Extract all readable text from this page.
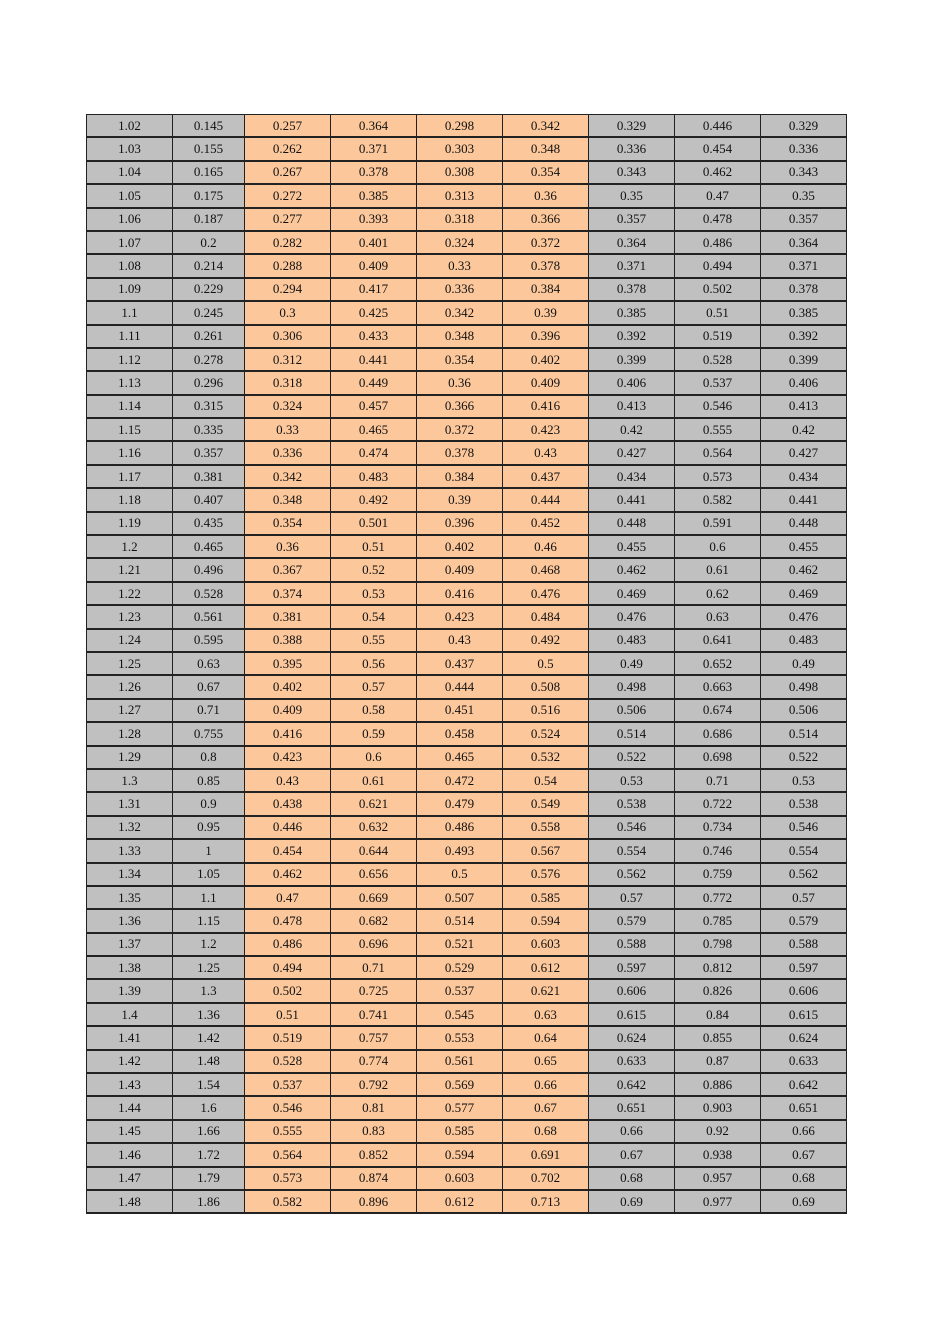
1.02	0.145	0.257	0.364	0.298	0.342	0.329	0.446	0.329
1.03	0.155	0.262	0.371	0.303	0.348	0.336	0.454	0.336
1.04	0.165	0.267	0.378	0.308	0.354	0.343	0.462	0.343
1.05	0.175	0.272	0.385	0.313	0.36	0.35	0.47	0.35
1.06	0.187	0.277	0.393	0.318	0.366	0.357	0.478	0.357
1.07	0.2	0.282	0.401	0.324	0.372	0.364	0.486	0.364
1.08	0.214	0.288	0.409	0.33	0.378	0.371	0.494	0.371
1.09	0.229	0.294	0.417	0.336	0.384	0.378	0.502	0.378
1.1	0.245	0.3	0.425	0.342	0.39	0.385	0.51	0.385
1.11	0.261	0.306	0.433	0.348	0.396	0.392	0.519	0.392
1.12	0.278	0.312	0.441	0.354	0.402	0.399	0.528	0.399
1.13	0.296	0.318	0.449	0.36	0.409	0.406	0.537	0.406
1.14	0.315	0.324	0.457	0.366	0.416	0.413	0.546	0.413
1.15	0.335	0.33	0.465	0.372	0.423	0.42	0.555	0.42
1.16	0.357	0.336	0.474	0.378	0.43	0.427	0.564	0.427
1.17	0.381	0.342	0.483	0.384	0.437	0.434	0.573	0.434
1.18	0.407	0.348	0.492	0.39	0.444	0.441	0.582	0.441
1.19	0.435	0.354	0.501	0.396	0.452	0.448	0.591	0.448
1.2	0.465	0.36	0.51	0.402	0.46	0.455	0.6	0.455
1.21	0.496	0.367	0.52	0.409	0.468	0.462	0.61	0.462
1.22	0.528	0.374	0.53	0.416	0.476	0.469	0.62	0.469
1.23	0.561	0.381	0.54	0.423	0.484	0.476	0.63	0.476
1.24	0.595	0.388	0.55	0.43	0.492	0.483	0.641	0.483
1.25	0.63	0.395	0.56	0.437	0.5	0.49	0.652	0.49
1.26	0.67	0.402	0.57	0.444	0.508	0.498	0.663	0.498
1.27	0.71	0.409	0.58	0.451	0.516	0.506	0.674	0.506
1.28	0.755	0.416	0.59	0.458	0.524	0.514	0.686	0.514
1.29	0.8	0.423	0.6	0.465	0.532	0.522	0.698	0.522
1.3	0.85	0.43	0.61	0.472	0.54	0.53	0.71	0.53
1.31	0.9	0.438	0.621	0.479	0.549	0.538	0.722	0.538
1.32	0.95	0.446	0.632	0.486	0.558	0.546	0.734	0.546
1.33	1	0.454	0.644	0.493	0.567	0.554	0.746	0.554
1.34	1.05	0.462	0.656	0.5	0.576	0.562	0.759	0.562
1.35	1.1	0.47	0.669	0.507	0.585	0.57	0.772	0.57
1.36	1.15	0.478	0.682	0.514	0.594	0.579	0.785	0.579
1.37	1.2	0.486	0.696	0.521	0.603	0.588	0.798	0.588
1.38	1.25	0.494	0.71	0.529	0.612	0.597	0.812	0.597
1.39	1.3	0.502	0.725	0.537	0.621	0.606	0.826	0.606
1.4	1.36	0.51	0.741	0.545	0.63	0.615	0.84	0.615
1.41	1.42	0.519	0.757	0.553	0.64	0.624	0.855	0.624
1.42	1.48	0.528	0.774	0.561	0.65	0.633	0.87	0.633
1.43	1.54	0.537	0.792	0.569	0.66	0.642	0.886	0.642
1.44	1.6	0.546	0.81	0.577	0.67	0.651	0.903	0.651
1.45	1.66	0.555	0.83	0.585	0.68	0.66	0.92	0.66
1.46	1.72	0.564	0.852	0.594	0.691	0.67	0.938	0.67
1.47	1.79	0.573	0.874	0.603	0.702	0.68	0.957	0.68
1.48	1.86	0.582	0.896	0.612	0.713	0.69	0.977	0.69
